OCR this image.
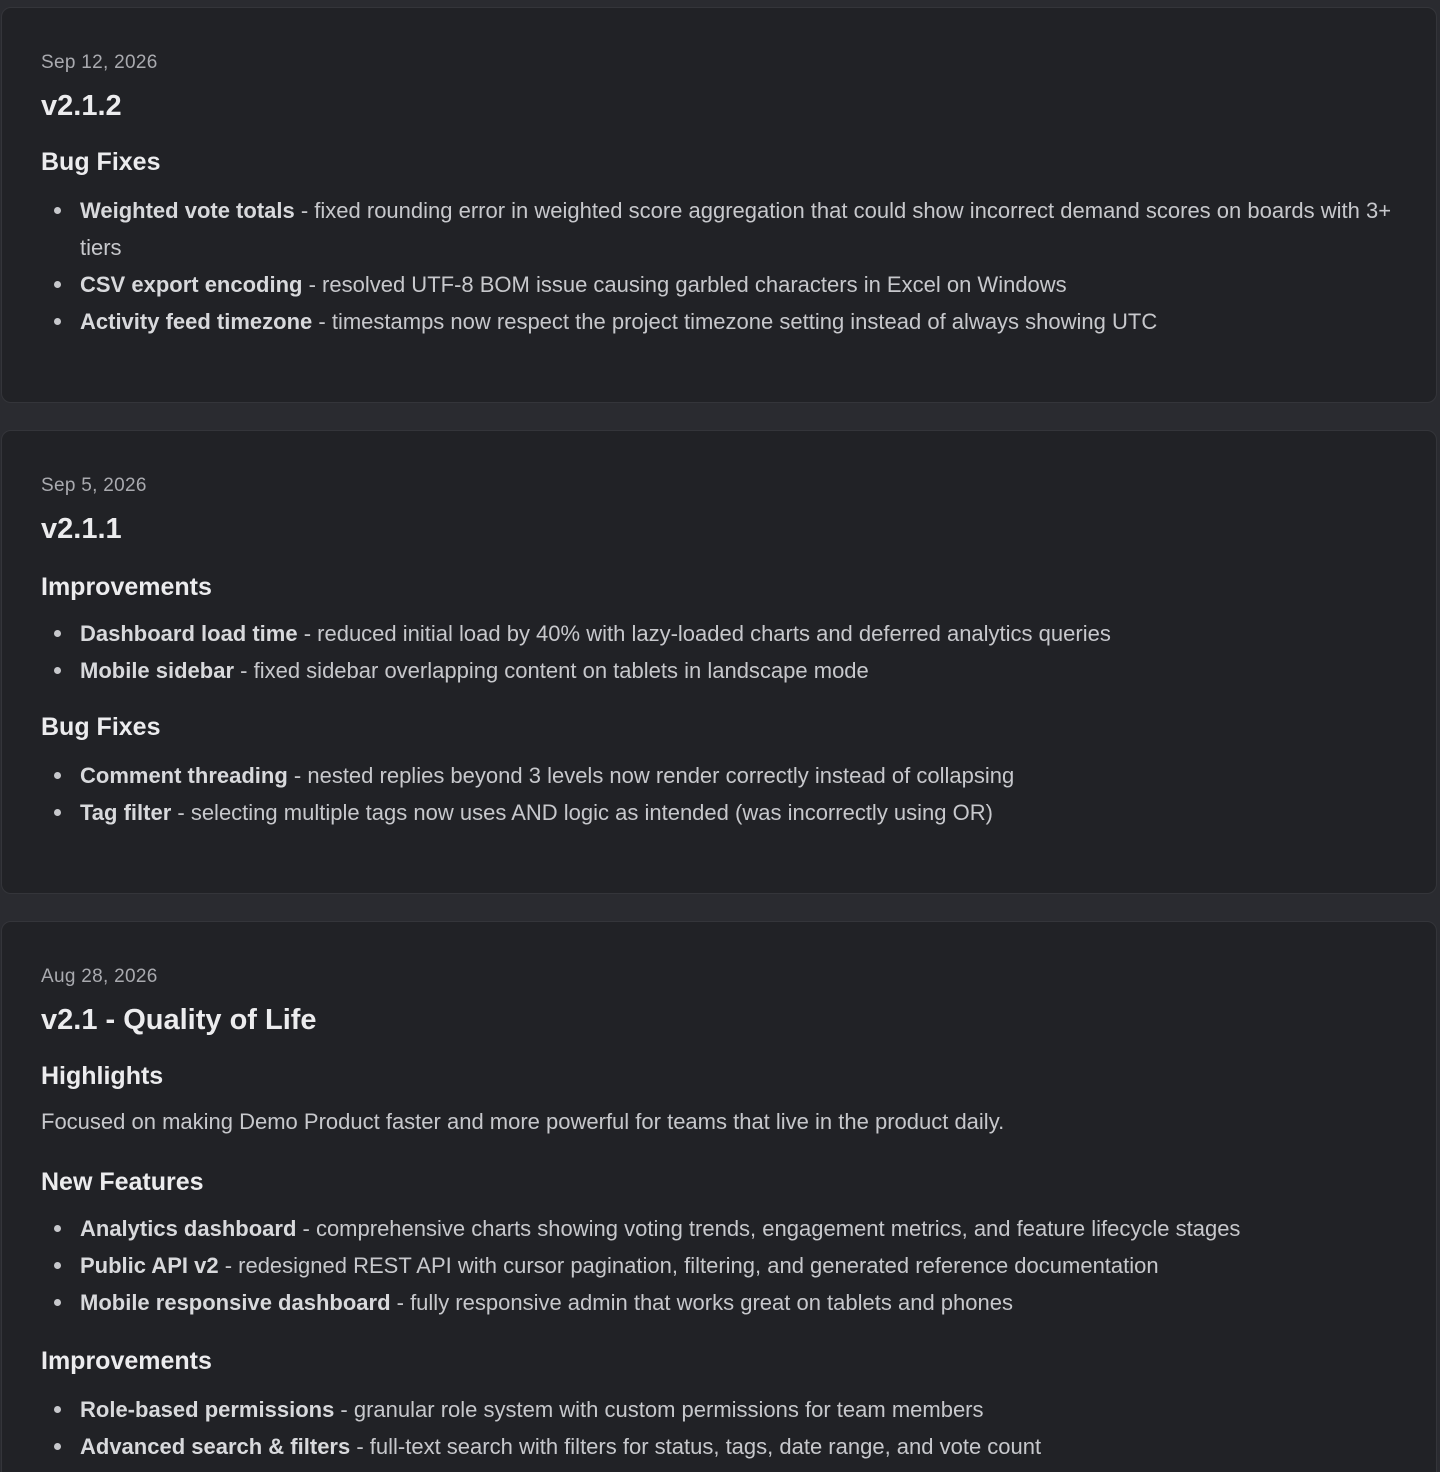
Sep 12, 2026

v2.1.2
Bug Fixes
Weighted vote totals - fixed rounding error in weighted score aggregation that could show incorrect demand scores on boards with 3+ tiers
CSV export encoding - resolved UTF-8 BOM issue causing garbled characters in Excel on Windows
Activity feed timezone - timestamps now respect the project timezone setting instead of always showing UTC

Sep 5, 2026

v2.1.1
Improvements
Dashboard load time - reduced initial load by 40% with lazy-loaded charts and deferred analytics queries
Mobile sidebar - fixed sidebar overlapping content on tablets in landscape mode
Bug Fixes
Comment threading - nested replies beyond 3 levels now render correctly instead of collapsing
Tag filter - selecting multiple tags now uses AND logic as intended (was incorrectly using OR)

Aug 28, 2026

v2.1 - Quality of Life
Highlights

Focused on making Demo Product faster and more powerful for teams that live in the product daily.

New Features
Analytics dashboard - comprehensive charts showing voting trends, engagement metrics, and feature lifecycle stages
Public API v2 - redesigned REST API with cursor pagination, filtering, and generated reference documentation
Mobile responsive dashboard - fully responsive admin that works great on tablets and phones
Improvements
Role-based permissions - granular role system with custom permissions for team members
Advanced search & filters - full-text search with filters for status, tags, date range, and vote count
